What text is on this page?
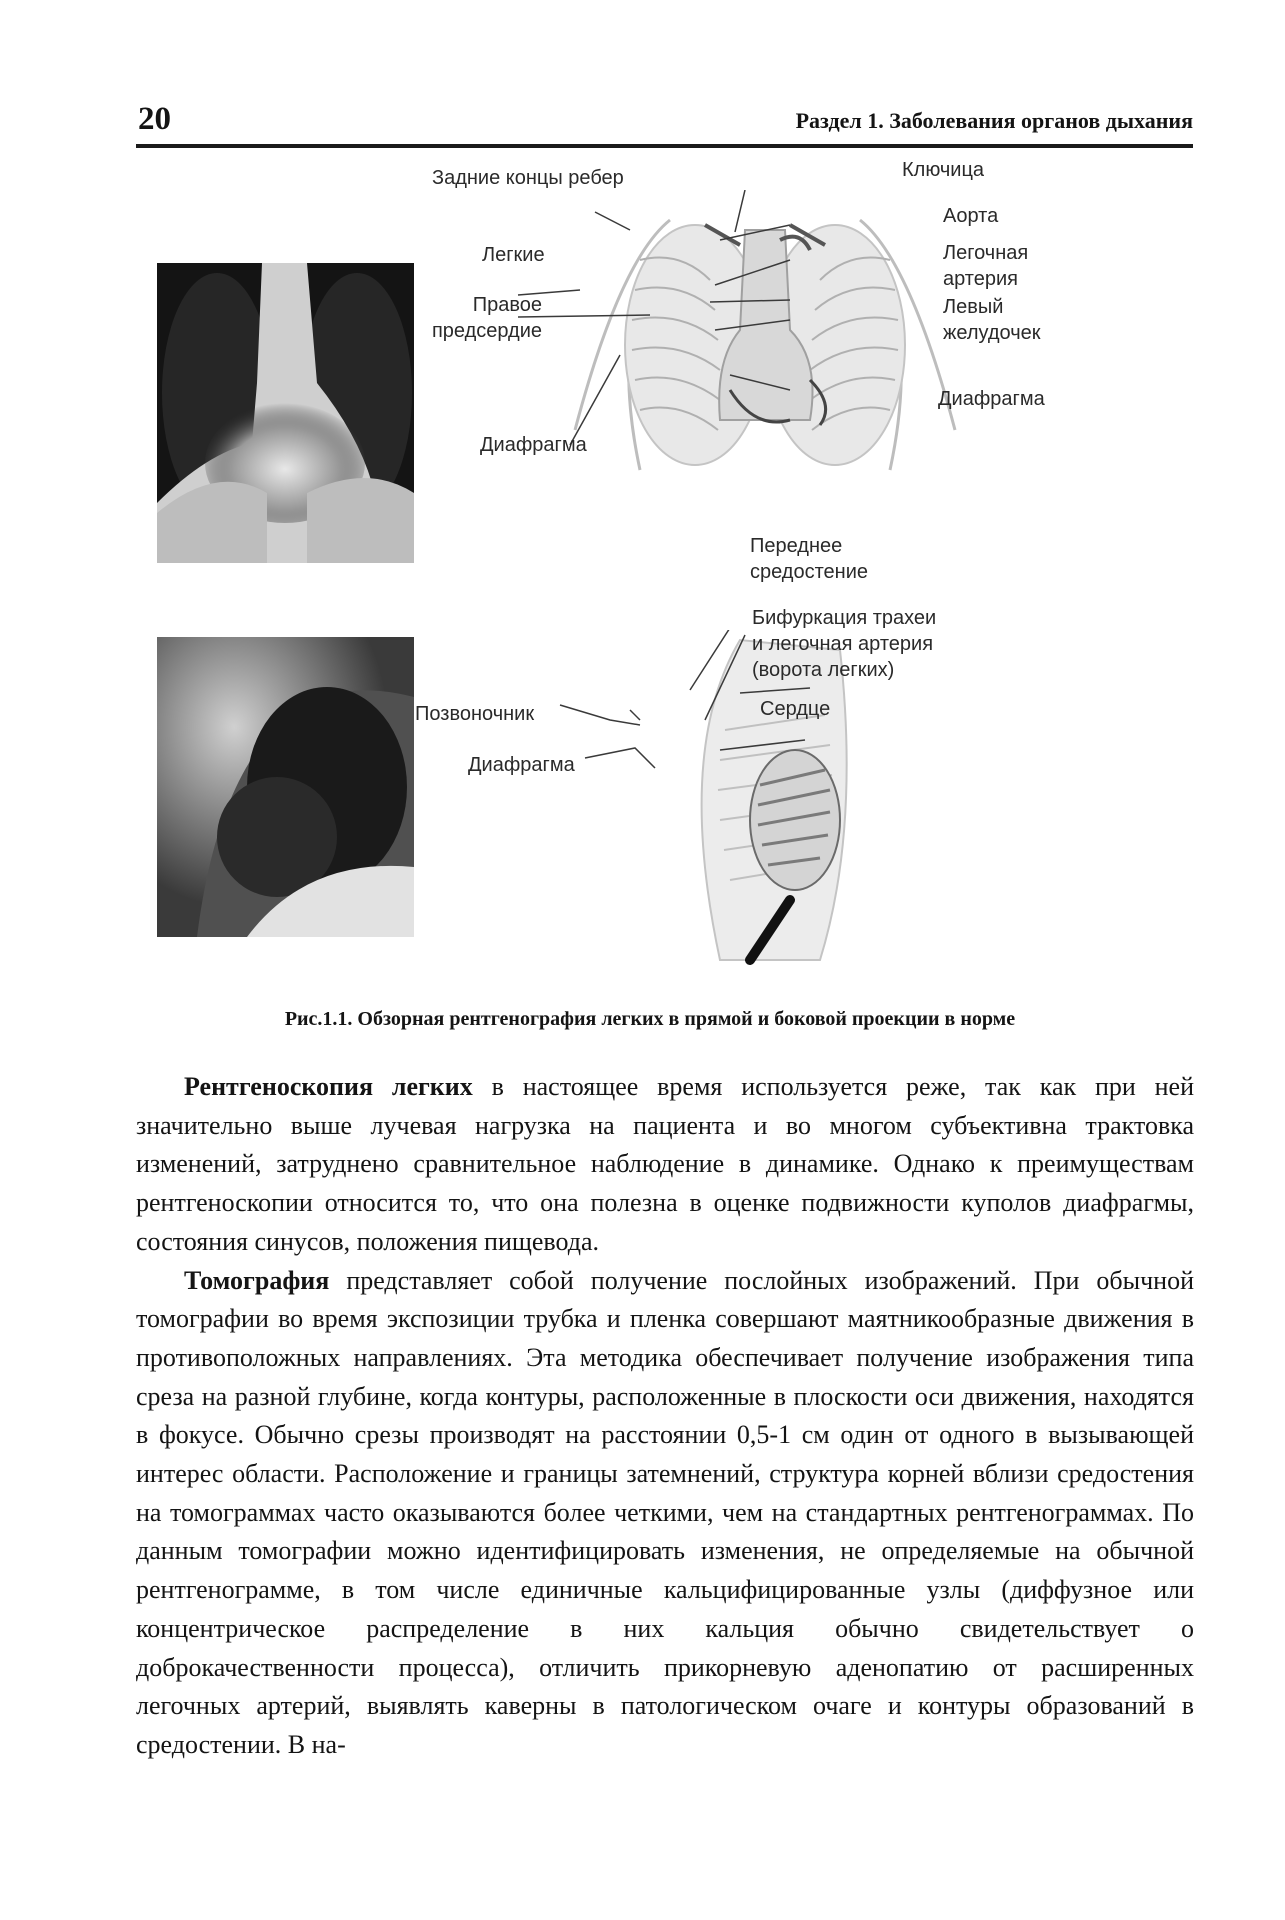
20	Раздел 1. Заболевания органов дыхания
Задние концы ребер	Ключица
Аорта
Легкие	Легочная
артерия
Правое
предсердие
Левый
желудочек
Диафрагма
Диафрагма
Переднее
средостение
Бифуркация трахеи
и легочная артерия
(ворота легких)
Сердце
Позвоночник
Диафрагма
Рис.1.1. Обзорная рентгенография легких в прямой и боковой проекции в норме

Рентгеноскопия легких в настоящее время используется реже, так как при ней значительно выше лучевая нагрузка на пациента и во многом субъективна трактовка изменений, затруднено сравнительное наблюдение в динамике. Однако к преимуществам рентгеноскопии относится то, что она полезна в оценке подвижности куполов диафрагмы, состояния синусов, положения пищевода.

Томография представляет собой получение послойных изображений. При обычной томографии во время экспозиции трубка и пленка совершают маятникообразные движения в противоположных направлениях. Эта методика обеспечивает получение изображения типа среза на разной глубине, когда контуры, расположенные в плоскости оси движения, находятся в фокусе. Обычно срезы производят на расстоянии 0,5-1 см один от одного в вызывающей интерес области. Расположение и границы затемнений, структура корней вблизи средостения на томограммах часто оказываются более четкими, чем на стандартных рентгенограммах. По данным томографии можно идентифицировать изменения, не определяемые на обычной рентгенограмме, в том числе единичные кальцифицированные узлы (диффузное или концентрическое распределение в них кальция обычно свидетельствует о доброкачественности процесса), отличить прикорневую аденопатию от расширенных легочных артерий, выявлять каверны в патологическом очаге и контуры образований в средостении. В на-
